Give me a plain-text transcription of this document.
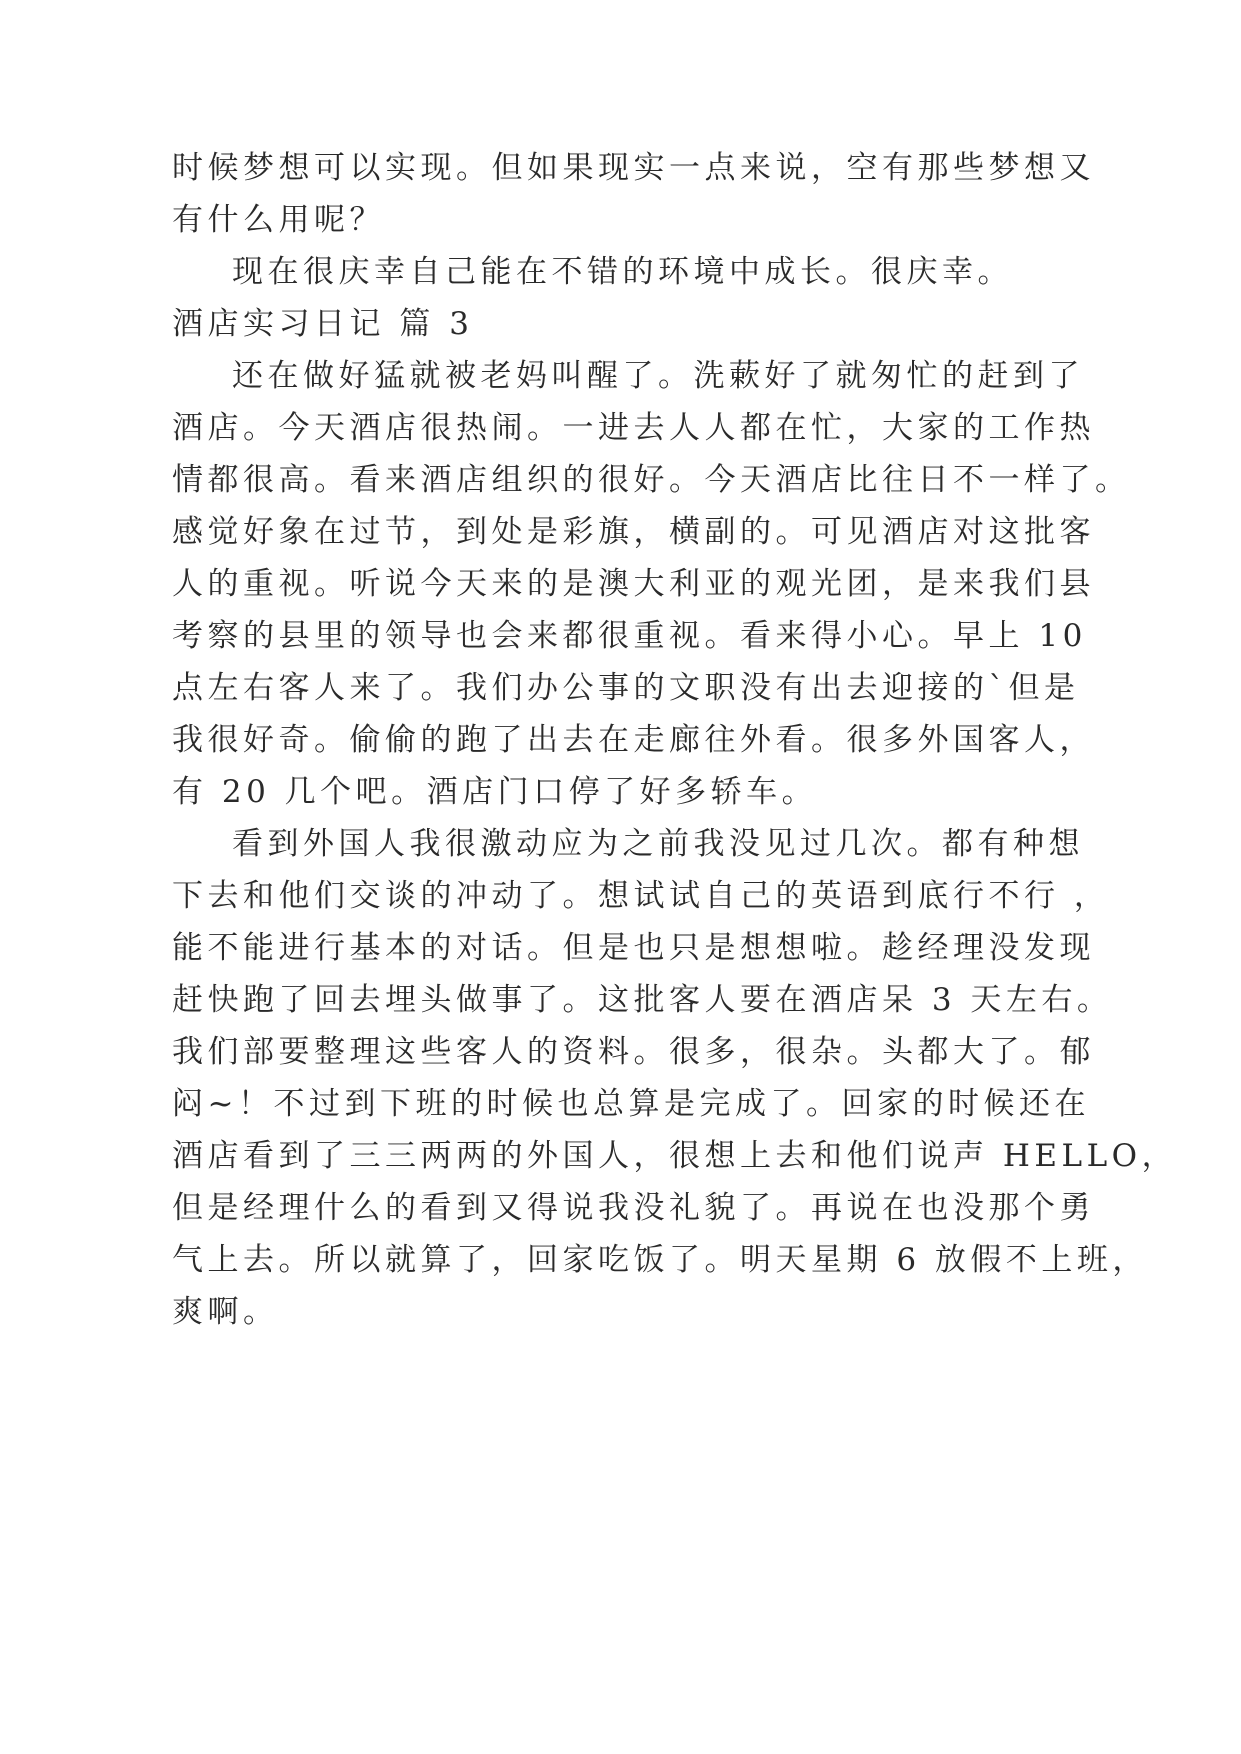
时候梦想可以实现。但如果现实一点来说，空有那些梦想又

有什么用呢？

现在很庆幸自己能在不错的环境中成长。很庆幸。

酒店实习日记 篇 3

还在做好猛就被老妈叫醒了。洗蔌好了就匆忙的赶到了

酒店。今天酒店很热闹。一进去人人都在忙，大家的工作热

情都很高。看来酒店组织的很好。今天酒店比往日不一样了。

感觉好象在过节，到处是彩旗，横副的。可见酒店对这批客

人的重视。听说今天来的是澳大利亚的观光团，是来我们县

考察的县里的领导也会来都很重视。看来得小心。早上 10

点左右客人来了。我们办公事的文职没有出去迎接的`但是

我很好奇。偷偷的跑了出去在走廊往外看。很多外国客人，

有 20 几个吧。酒店门口停了好多轿车。

看到外国人我很激动应为之前我没见过几次。都有种想

下去和他们交谈的冲动了。想试试自己的英语到底行不行 ，

能不能进行基本的对话。但是也只是想想啦。趁经理没发现

赶快跑了回去埋头做事了。这批客人要在酒店呆 3 天左右。

我们部要整理这些客人的资料。很多，很杂。头都大了。郁

闷~！不过到下班的时候也总算是完成了。回家的时候还在

酒店看到了三三两两的外国人，很想上去和他们说声 HELLO，

但是经理什么的看到又得说我没礼貌了。再说在也没那个勇

气上去。所以就算了，回家吃饭了。明天星期 6 放假不上班，

爽啊。
